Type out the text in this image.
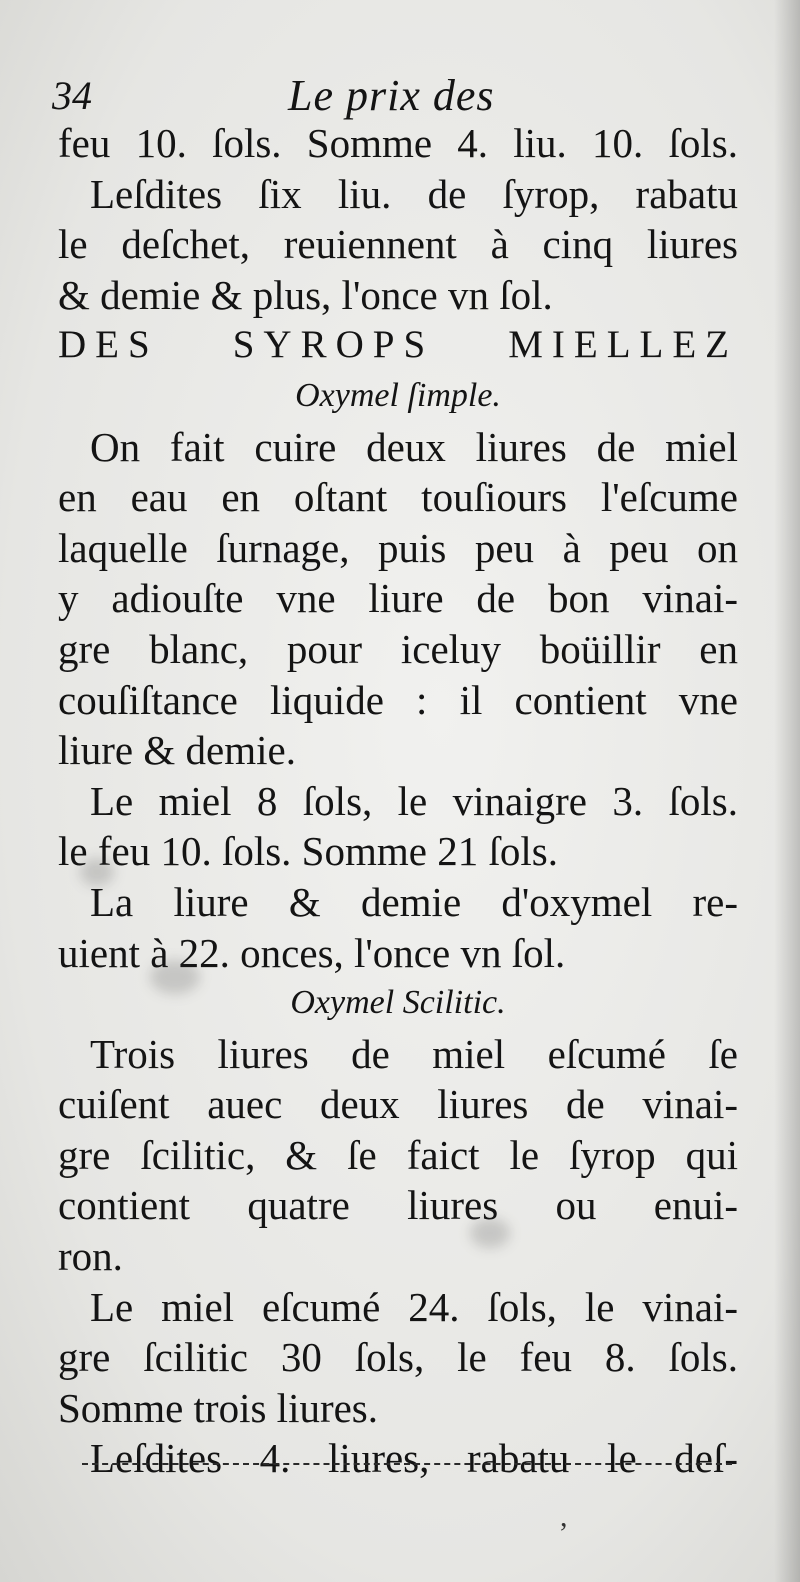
34	Le prix des
feu 10. ſols. Somme 4. liu. 10. ſols.
Leſdites ſix liu. de ſyrop, rabatu
le deſchet, reuiennent à cinq liures
& demie & plus, l'once vn ſol.
DES SYROPS MIELLEZ
Oxymel ſimple.
On fait cuire deux liures de miel
en eau en oſtant touſiours l'eſcume
laquelle ſurnage, puis peu à peu on
y adiouſte vne liure de bon vinai-
gre blanc, pour iceluy boüillir en
couſiſtance liquide : il contient vne
liure & demie.
Le miel 8 ſols, le vinaigre 3. ſols.
le feu 10. ſols. Somme 21 ſols.
La liure & demie d'oxymel re-
uient à 22. onces, l'once vn ſol.
Oxymel Scilitic.
Trois liures de miel eſcumé ſe
cuiſent auec deux liures de vinai-
gre ſcilitic, & ſe faict le ſyrop qui
contient quatre liures ou enui-
ron.
Le miel eſcumé 24. ſols, le vinai-
gre ſcilitic 30 ſols, le feu 8. ſols.
Somme trois liures.
Leſdites 4. liures, rabatu le deſ-
,
